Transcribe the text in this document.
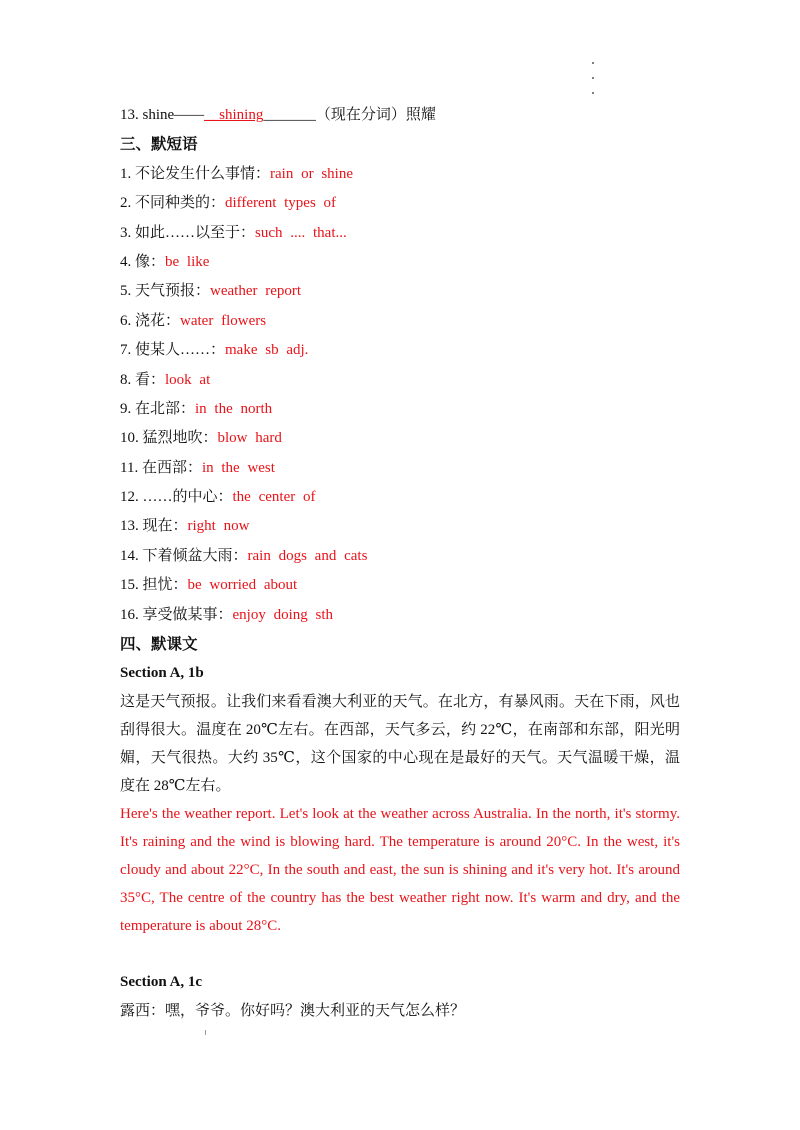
13. shine——__shining_______（现在分词）照耀
三、默短语
1. 不论发生什么事情：rain or shine
2. 不同种类的：different types of
3. 如此……以至于：such .... that...
4. 像：be like
5. 天气预报：weather report
6. 浇花：water flowers
7. 使某人……：make sb adj.
8. 看：look at
9. 在北部：in the north
10. 猛烈地吹：blow hard
11. 在西部：in the west
12. ……的中心：the center of
13. 现在：right now
14. 下着倾盆大雨：rain dogs and cats
15. 担忧：be worried about
16. 享受做某事：enjoy doing sth
四、默课文
Section A, 1b
这是天气预报。让我们来看看澳大利亚的天气。在北方，有暴风雨。天在下雨，风也刮得很大。温度在 20℃左右。在西部，天气多云，约 22℃，在南部和东部，阳光明媚，天气很热。大约 35℃，这个国家的中心现在是最好的天气。天气温暖干燥，温度在 28℃左右。
Here's the weather report. Let's look at the weather across Australia. In the north, it's stormy. It's raining and the wind is blowing hard. The temperature is around 20°C. In the west, it's cloudy and about 22°C, In the south and east, the sun is shining and it's very hot. It's around 35°C, The centre of the country has the best weather right now. It's warm and dry, and the temperature is about 28°C.
Section A, 1c
露西：嘿，爷爷。你好吗？澳大利亚的天气怎么样？
